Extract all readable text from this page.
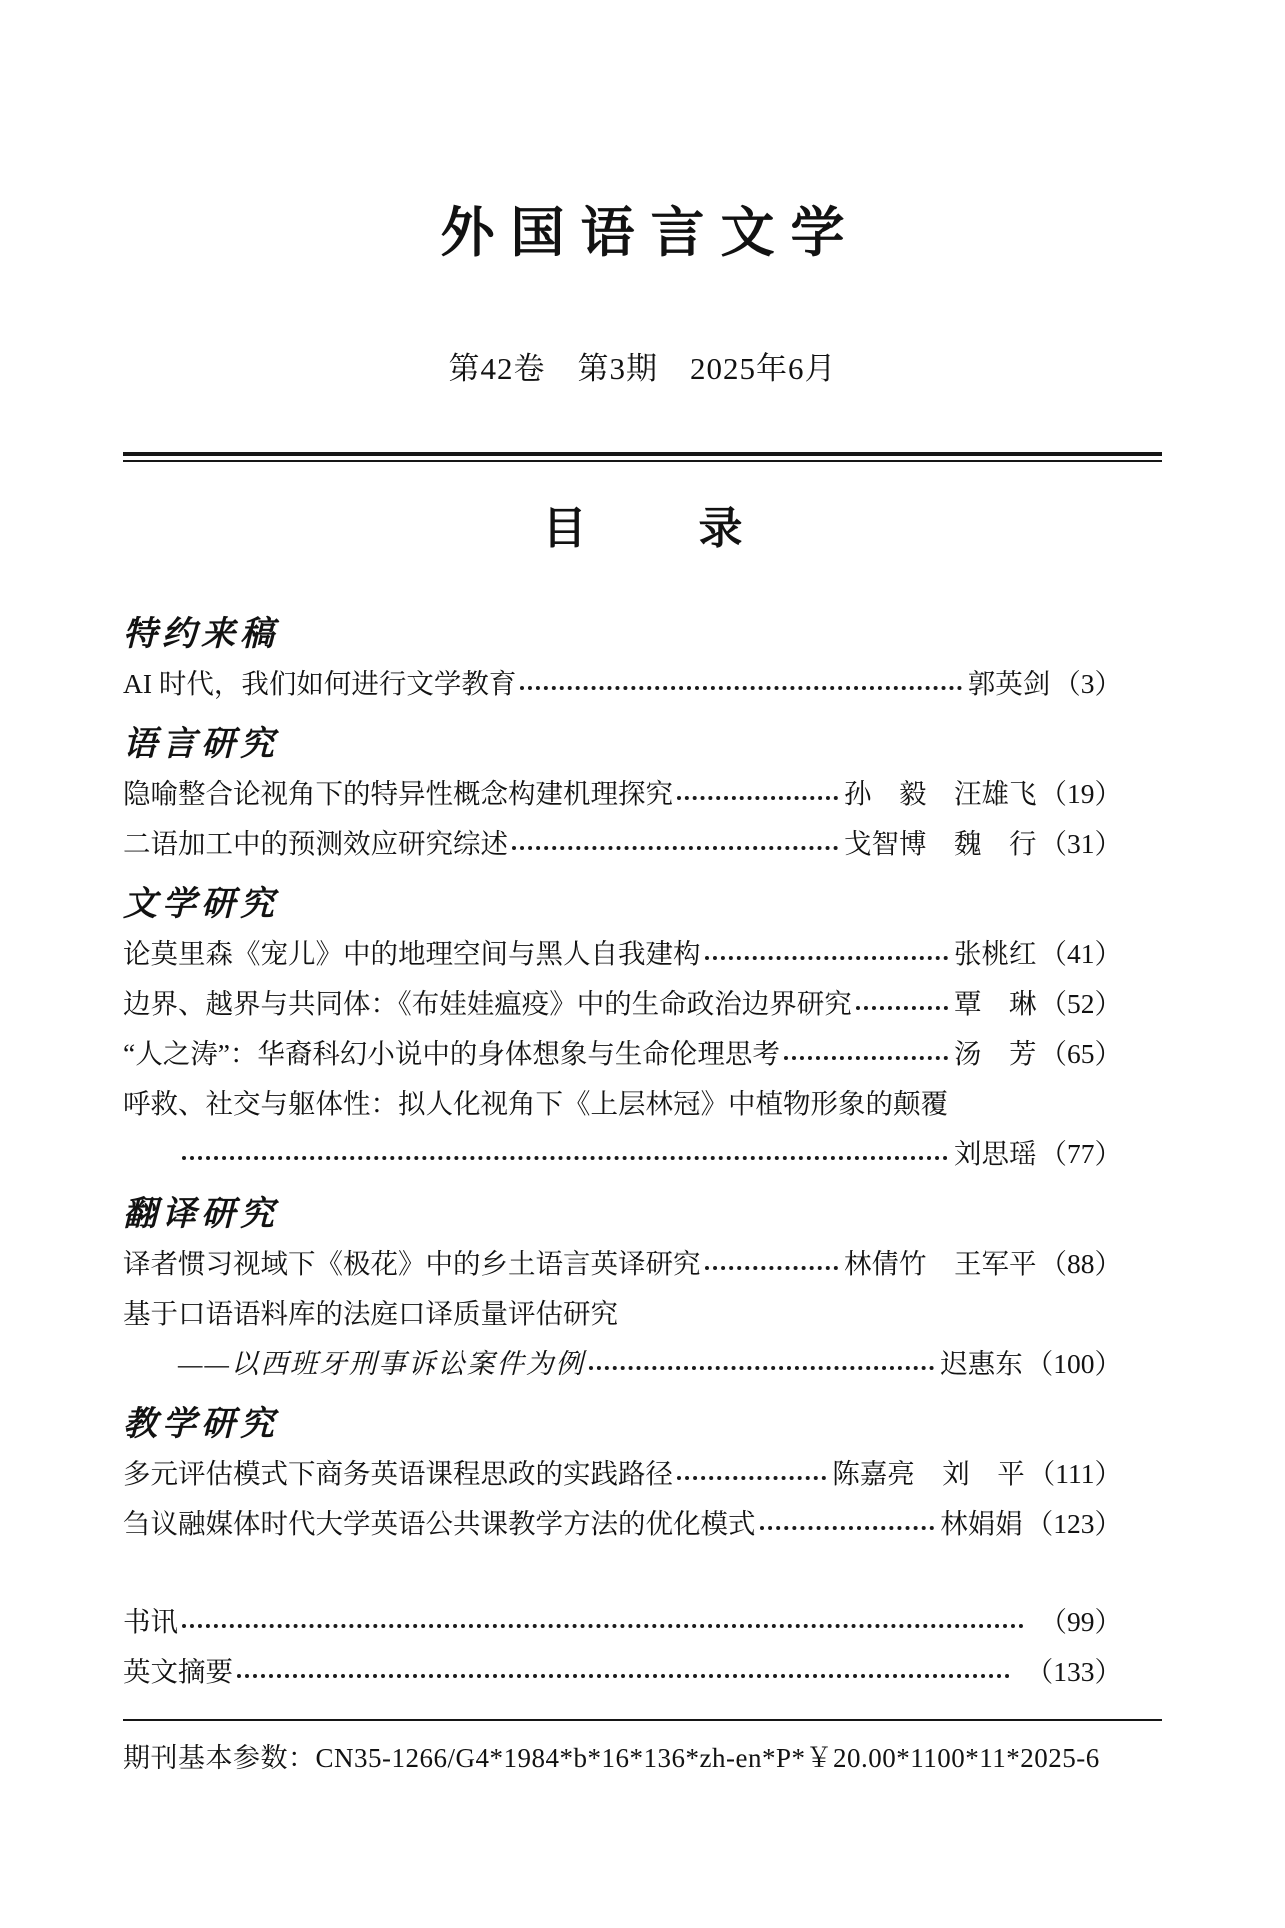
外国语言文学
第42卷　第3期　2025年6月
目　　录
特约来稿
AI 时代，我们如何进行文学教育	郭英剑 （3）
语言研究
隐喻整合论视角下的特异性概念构建机理探究	孙　毅　汪雄飞 （19）
二语加工中的预测效应研究综述	戈智博　魏　行 （31）
文学研究
论莫里森《宠儿》中的地理空间与黑人自我建构	张桃红 （41）
边界、越界与共同体：《布娃娃瘟疫》中的生命政治边界研究	覃　琳 （52）
“人之涛”：华裔科幻小说中的身体想象与生命伦理思考	汤　芳 （65）
呼救、社交与躯体性：拟人化视角下《上层林冠》中植物形象的颠覆
刘思瑶 （77）
翻译研究
译者惯习视域下《极花》中的乡土语言英译研究	林倩竹　王军平 （88）
基于口语语料库的法庭口译质量评估研究
——以西班牙刑事诉讼案件为例	迟惠东 （100）
教学研究
多元评估模式下商务英语课程思政的实践路径	陈嘉亮　刘　平 （111）
刍议融媒体时代大学英语公共课教学方法的优化模式	林娟娟 （123）
书讯	（99）
英文摘要	（133）
期刊基本参数：CN35-1266/G4*1984*b*16*136*zh-en*P*￥20.00*1100*11*2025-6
